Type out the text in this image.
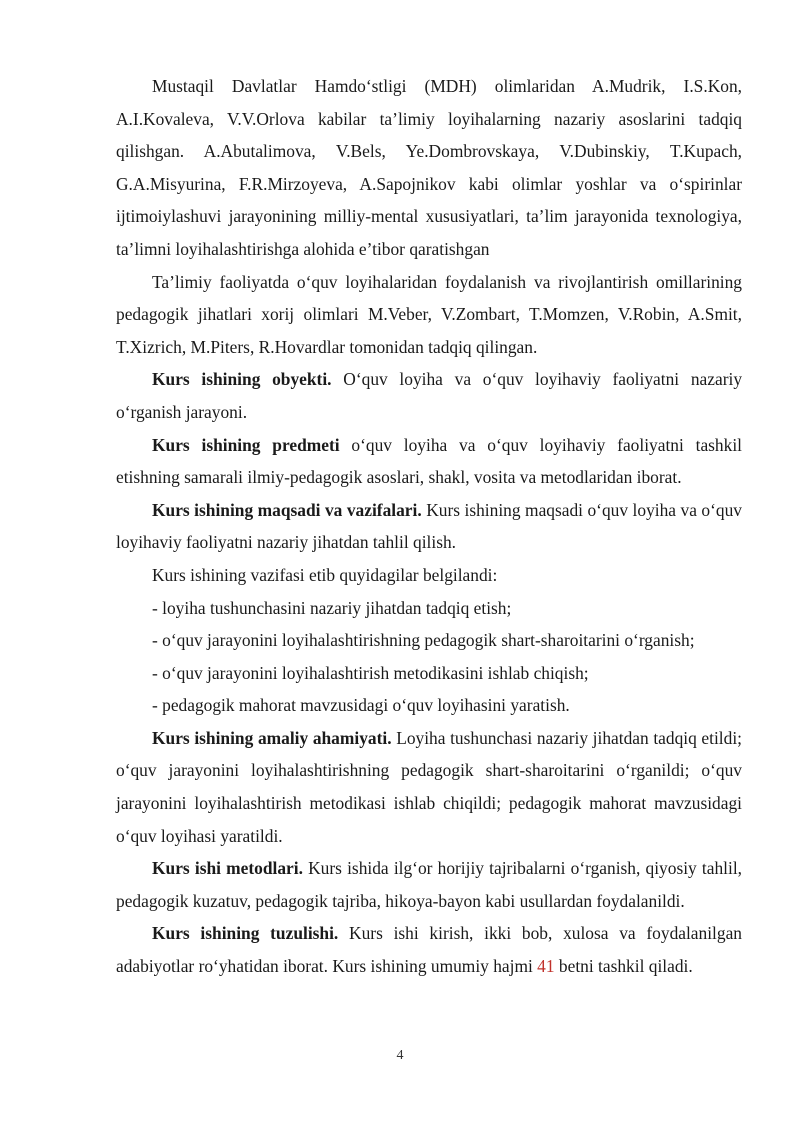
Mustaqil Davlatlar Hamdo‘stligi (MDH) olimlaridan A.Mudrik, I.S.Kon, A.I.Kovaleva, V.V.Orlova kabilar ta’limiy loyihalarning nazariy asoslarini tadqiq qilishgan. A.Abutalimova, V.Bels, Ye.Dombrovskaya, V.Dubinskiy, T.Kupach, G.A.Misyurina, F.R.Mirzoyeva, A.Sapojnikov kabi olimlar yoshlar va o‘spirinlar ijtimoiylashuvi jarayonining milliy-mental xususiyatlari, ta’lim jarayonida texnologiya, ta’limni loyihalashtirishga alohida e’tibor qaratishgan

Ta’limiy faoliyatda o‘quv loyihalaridan foydalanish va rivojlantirish omillarining pedagogik jihatlari xorij olimlari M.Veber, V.Zombart, T.Momzen, V.Robin, A.Smit, T.Xizrich, M.Piters, R.Hovardlar tomonidan tadqiq qilingan.

Kurs ishining obyekti. O‘quv loyiha va o‘quv loyihaviy faoliyatni nazariy o‘rganish jarayoni.

Kurs ishining predmeti o‘quv loyiha va o‘quv loyihaviy faoliyatni tashkil etishning samarali ilmiy-pedagogik asoslari, shakl, vosita va metodlaridan iborat.

Kurs ishining maqsadi va vazifalari. Kurs ishining maqsadi o‘quv loyiha va o‘quv loyihaviy faoliyatni nazariy jihatdan tahlil qilish.

Kurs ishining vazifasi etib quyidagilar belgilandi:

- loyiha tushunchasini nazariy jihatdan tadqiq etish;

- o‘quv jarayonini loyihalashtirishning pedagogik shart-sharoitarini o‘rganish;

- o‘quv jarayonini loyihalashtirish metodikasini ishlab chiqish;

- pedagogik mahorat mavzusidagi o‘quv loyihasini yaratish.

Kurs ishining amaliy ahamiyati. Loyiha tushunchasi nazariy jihatdan tadqiq etildi; o‘quv jarayonini loyihalashtirishning pedagogik shart-sharoitarini o‘rganildi; o‘quv jarayonini loyihalashtirish metodikasi ishlab chiqildi; pedagogik mahorat mavzusidagi o‘quv loyihasi yaratildi.

Kurs ishi metodlari. Kurs ishida ilg‘or horijiy tajribalarni o‘rganish, qiyosiy tahlil, pedagogik kuzatuv, pedagogik tajriba, hikoya-bayon kabi usullardan foydalanildi.

Kurs ishining tuzulishi. Kurs ishi kirish, ikki bob, xulosa va foydalanilgan adabiyotlar ro‘yhatidan iborat. Kurs ishining umumiy hajmi 41 betni tashkil qiladi.

4
